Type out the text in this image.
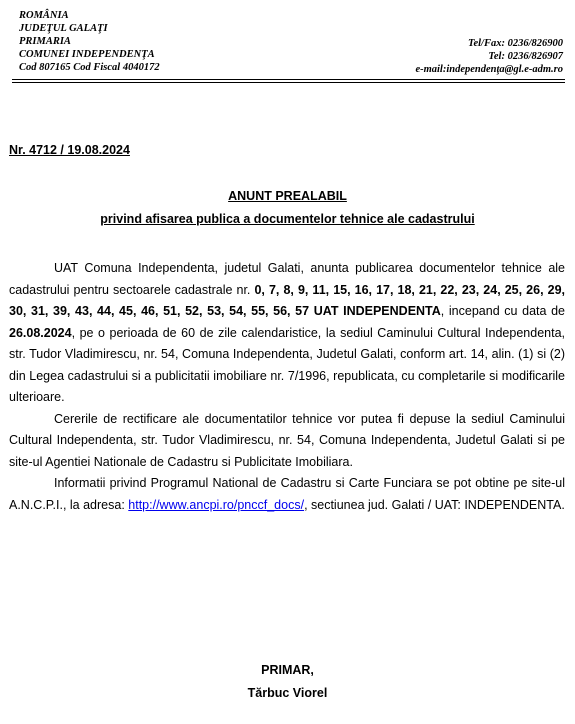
ROMÂNIA
JUDEŢUL GALAŢI
PRIMARIA
COMUNEI INDEPENDENŢA
Cod 807165 Cod Fiscal 4040172
Tel/Fax: 0236/826900
Tel: 0236/826907
e-mail:independenţa@gl.e-adm.ro
Nr. 4712 / 19.08.2024
ANUNT PREALABIL
privind afisarea publica a documentelor tehnice ale cadastrului

UAT Comuna Independenta, judetul Galati, anunta publicarea documentelor tehnice ale cadastrului pentru sectoarele cadastrale nr. 0, 7, 8, 9, 11, 15, 16, 17, 18, 21, 22, 23, 24, 25, 26, 29, 30, 31, 39, 43, 44, 45, 46, 51, 52, 53, 54, 55, 56, 57 UAT INDEPENDENTA, incepand cu data de 26.08.2024, pe o perioada de 60 de zile calendaristice, la sediul Caminului Cultural Independenta, str. Tudor Vladimirescu, nr. 54, Comuna Independenta, Judetul Galati, conform art. 14, alin. (1) si (2) din Legea cadastrului si a publicitatii imobiliare nr. 7/1996, republicata, cu completarile si modificarile ulterioare.

Cererile de rectificare ale documentatilor tehnice vor putea fi depuse la sediul Caminului Cultural Independenta, str. Tudor Vladimirescu, nr. 54, Comuna Independenta, Judetul Galati si pe site-ul Agentiei Nationale de Cadastru si Publicitate Imobiliara.

Informatii privind Programul National de Cadastru si Carte Funciara se pot obtine pe site-ul A.N.C.P.I., la adresa: http://www.ancpi.ro/pnccf_docs/, sectiunea jud. Galati / UAT: INDEPENDENTA.

PRIMAR,
Tărbuc Viorel
